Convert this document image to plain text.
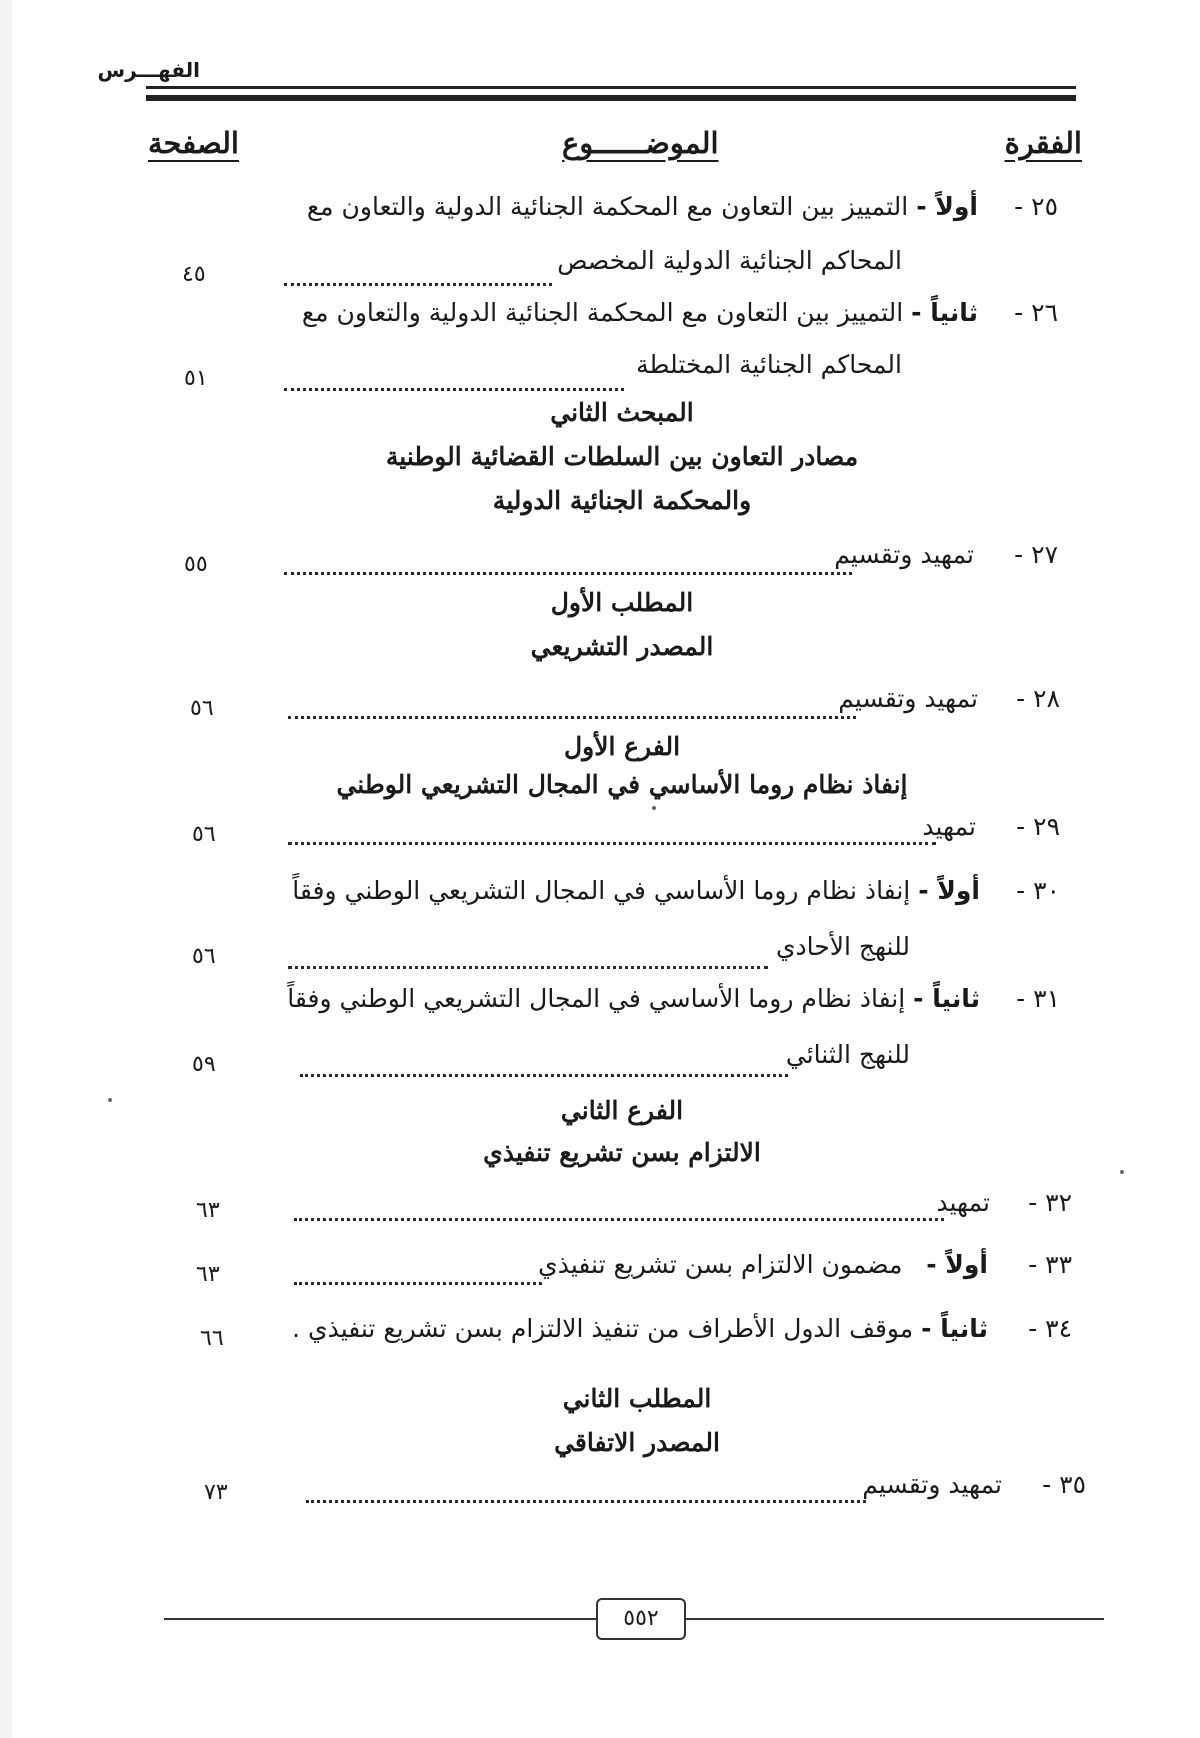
الفهـــرس
الفقرة
الموضــــــوع
الصفحة
٢٥ -
أولاً - التمييز بين التعاون مع المحكمة الجنائية الدولية والتعاون مع
المحاكم الجنائية الدولية المخصص
٤٥
٢٦ -
ثانياً - التمييز بين التعاون مع المحكمة الجنائية الدولية والتعاون مع
المحاكم الجنائية المختلطة
٥١
المبحث الثاني
مصادر التعاون بين السلطات القضائية الوطنية
والمحكمة الجنائية الدولية
٢٧ -
تمهيد وتقسيم
٥٥
المطلب الأول
المصدر التشريعي
٢٨ -
تمهيد وتقسيم
٥٦
الفرع الأول
إنفاذ نظام روما الأساسي في المجال التشريعي الوطني
٢٩ -
تمهيد
٥٦
٣٠ -
أولاً - إنفاذ نظام روما الأساسي في المجال التشريعي الوطني وفقاً
للنهج الأحادي
٥٦
٣١ -
ثانياً - إنفاذ نظام روما الأساسي في المجال التشريعي الوطني وفقاً
للنهج الثنائي
٥٩
الفرع الثاني
الالتزام بسن تشريع تنفيذي
٣٢ -
تمهيد
٦٣
٣٣ -
أولاً -   مضمون الالتزام بسن تشريع تنفيذي
٦٣
٣٤ -
ثانياً - موقف الدول الأطراف من تنفيذ الالتزام بسن تشريع تنفيذي .
٦٦
المطلب الثاني
المصدر الاتفاقي
٣٥ -
تمهيد وتقسيم
٧٣
٥٥٢
